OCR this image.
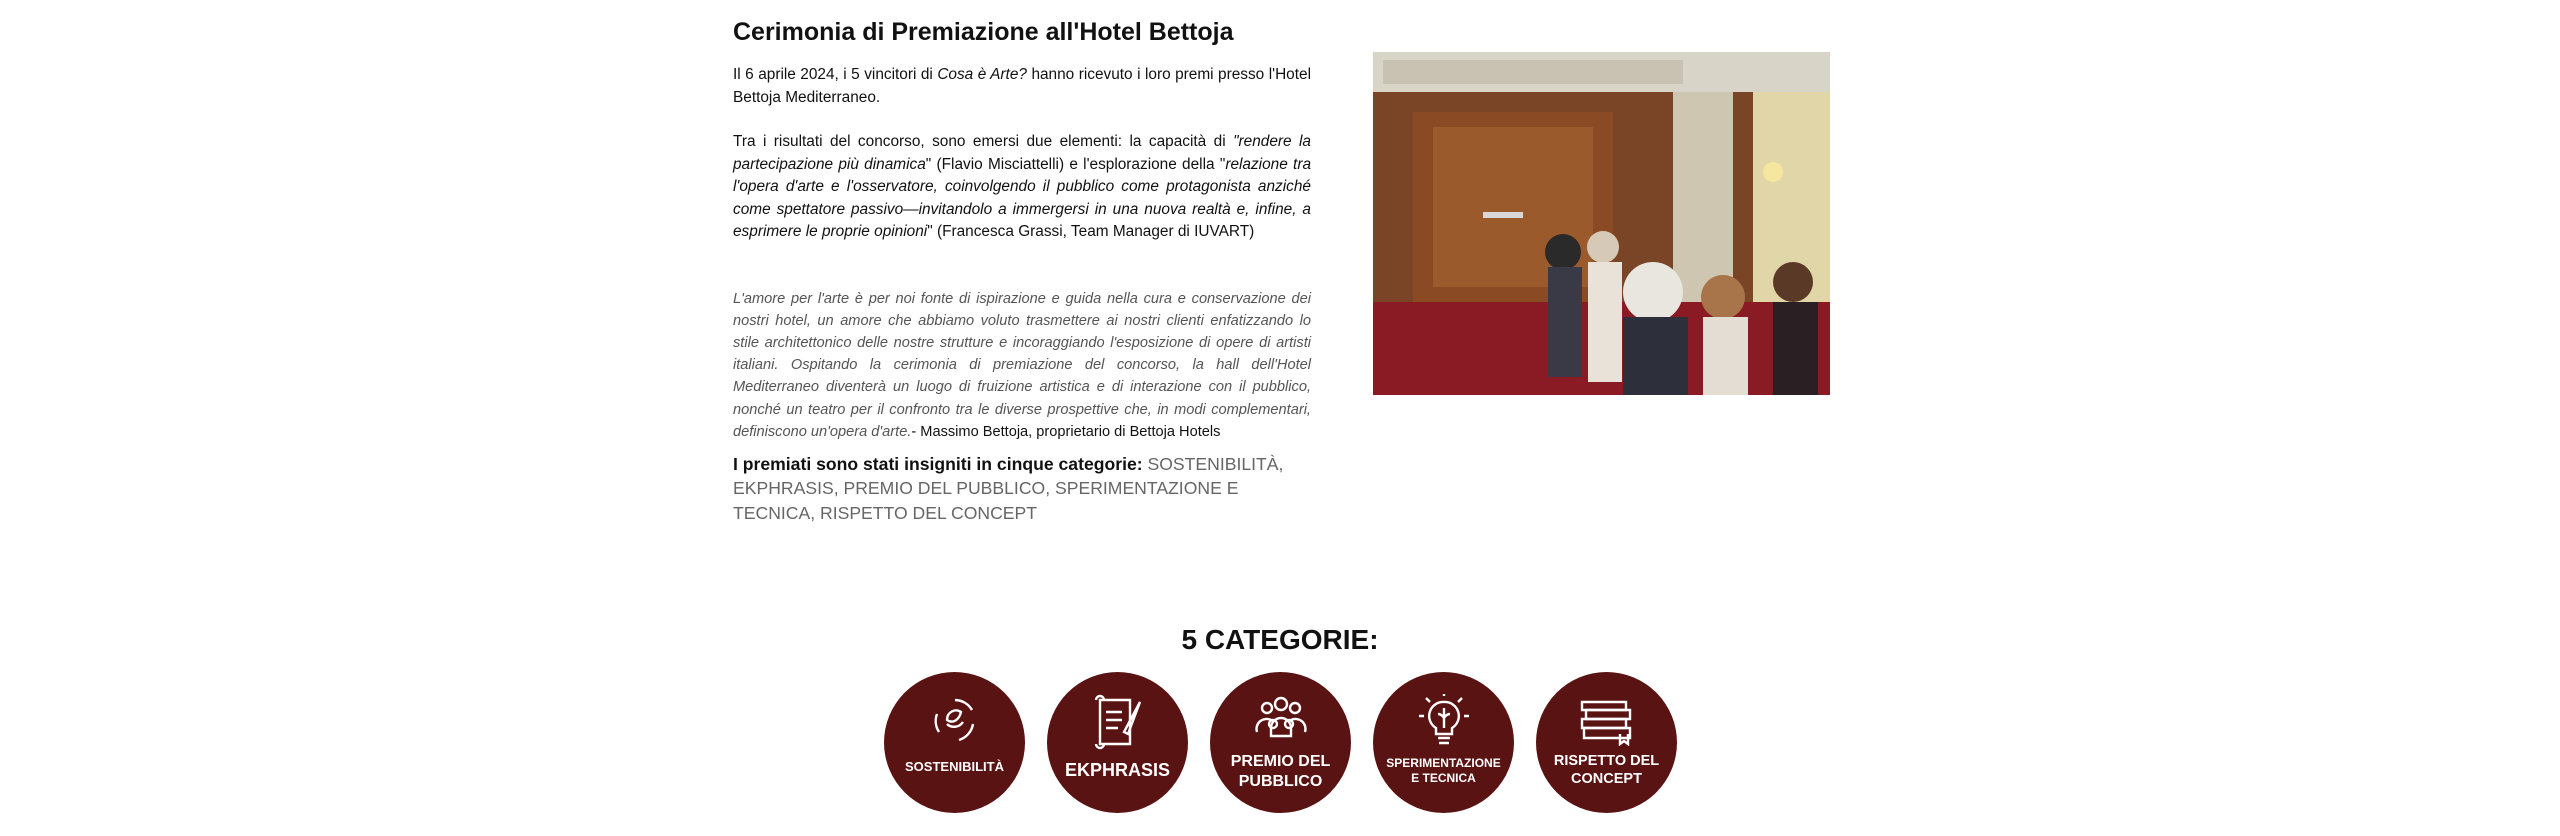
Cerimonia di Premiazione all'Hotel Bettoja

Il 6 aprile 2024, i 5 vincitori di Cosa è Arte? hanno ricevuto i loro premi presso l'Hotel Bettoja Mediterraneo.

Tra i risultati del concorso, sono emersi due elementi: la capacità di "rendere la partecipazione più dinamica" (Flavio Misciattelli) e l'esplorazione della "relazione tra l'opera d'arte e l'osservatore, coinvolgendo il pubblico come protagonista anziché come spettatore passivo—invitandolo a immergersi in una nuova realtà e, infine, a esprimere le proprie opinioni" (Francesca Grassi, Team Manager di IUVART)

L'amore per l'arte è per noi fonte di ispirazione e guida nella cura e conservazione dei nostri hotel, un amore che abbiamo voluto trasmettere ai nostri clienti enfatizzando lo stile architettonico delle nostre strutture e incoraggiando l'esposizione di opere di artisti italiani. Ospitando la cerimonia di premiazione del concorso, la hall dell'Hotel Mediterraneo diventerà un luogo di fruizione artistica e di interazione con il pubblico, nonché un teatro per il confronto tra le diverse prospettive che, in modi complementari, definiscono un'opera d'arte.- Massimo Bettoja, proprietario di Bettoja Hotels
I premiati sono stati insigniti in cinque categorie: SOSTENIBILITÀ, EKPHRASIS, PREMIO DEL PUBBLICO, SPERIMENTAZIONE E TECNICA, RISPETTO DEL CONCEPT
5 CATEGORIE:
SOSTENIBILITÀ	EKPHRASIS	PREMIO DEL PUBBLICO
SPERIMENTAZIONE E TECNICA
RISPETTO DEL CONCEPT
